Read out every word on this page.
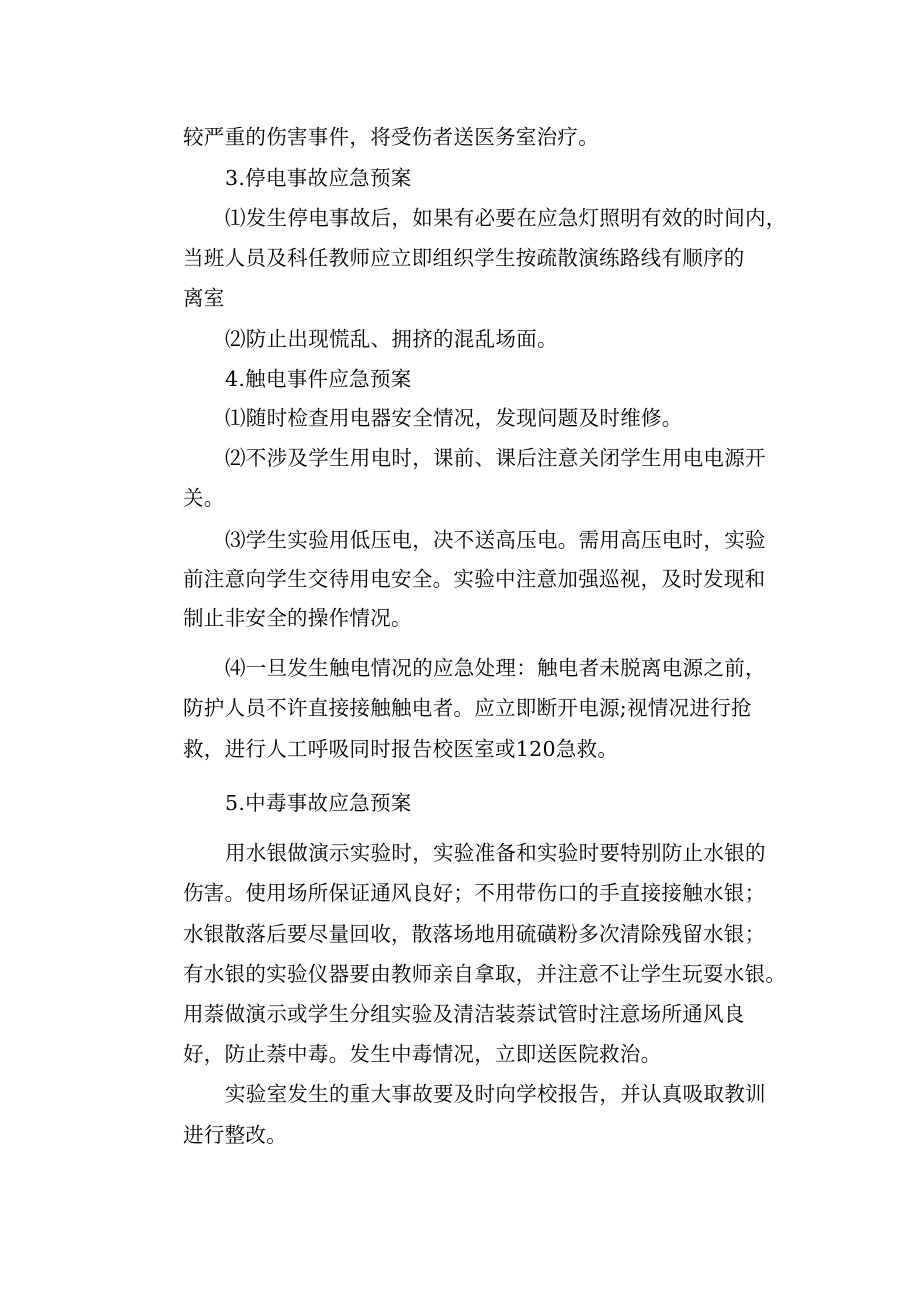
较严重的伤害事件，将受伤者送医务室治疗。
3.停电事故应急预案
⑴发生停电事故后，如果有必要在应急灯照明有效的时间内，
当班人员及科任教师应立即组织学生按疏散演练路线有顺序的
离室
⑵防止出现慌乱、拥挤的混乱场面。
4.触电事件应急预案
⑴随时检查用电器安全情况，发现问题及时维修。
⑵不涉及学生用电时，课前、课后注意关闭学生用电电源开
关。
⑶学生实验用低压电，决不送高压电。需用高压电时，实验
前注意向学生交待用电安全。实验中注意加强巡视，及时发现和
制止非安全的操作情况。
⑷一旦发生触电情况的应急处理：触电者未脱离电源之前，
防护人员不许直接接触触电者。应立即断开电源;视情况进行抢
救，进行人工呼吸同时报告校医室或120急救。
5.中毒事故应急预案
用水银做演示实验时，实验准备和实验时要特别防止水银的
伤害。使用场所保证通风良好；不用带伤口的手直接接触水银；
水银散落后要尽量回收，散落场地用硫磺粉多次清除残留水银；
有水银的实验仪器要由教师亲自拿取，并注意不让学生玩耍水银。
用萘做演示或学生分组实验及清洁装萘试管时注意场所通风良
好，防止萘中毒。发生中毒情况，立即送医院救治。
实验室发生的重大事故要及时向学校报告，并认真吸取教训
进行整改。
